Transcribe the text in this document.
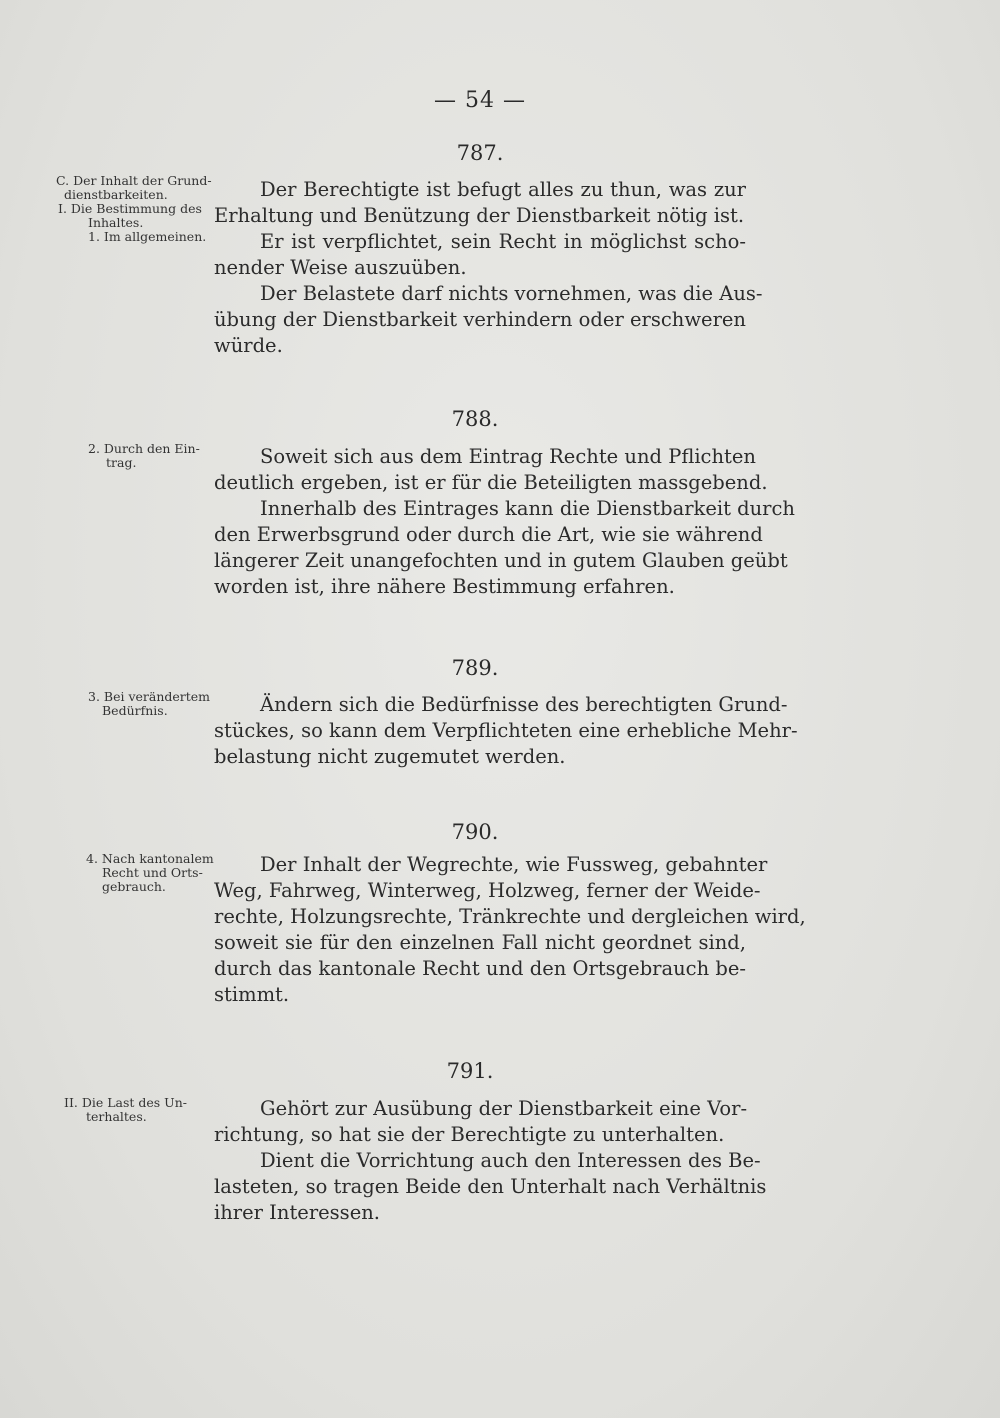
— 54 —
787.
C. Der Inhalt der Grund-
dienstbarkeiten.
I. Die Bestimmung des
Inhaltes.
1. Im allgemeinen.
Der Berechtigte ist befugt alles zu thun, was zur
Erhaltung und Benützung der Dienstbarkeit nötig ist.
Er ist verpflichtet, sein Recht in möglichst scho-
nender Weise auszuüben.
Der Belastete darf nichts vornehmen, was die Aus-
übung der Dienstbarkeit verhindern oder erschweren
würde.
788.
2. Durch den Ein-
trag.	Soweit sich aus dem Eintrag Rechte und Pflichten
deutlich ergeben, ist er für die Beteiligten massgebend.
Innerhalb des Eintrages kann die Dienstbarkeit durch
den Erwerbsgrund oder durch die Art, wie sie während
längerer Zeit unangefochten und in gutem Glauben geübt
worden ist, ihre nähere Bestimmung erfahren.
789.
3. Bei verändertem
Bedürfnis.	Ändern sich die Bedürfnisse des berechtigten Grund-
stückes, so kann dem Verpflichteten eine erhebliche Mehr-
belastung nicht zugemutet werden.
790.
4. Nach kantonalem
Recht und Orts-
gebrauch.
Der Inhalt der Wegrechte, wie Fussweg, gebahnter
Weg, Fahrweg, Winterweg, Holzweg, ferner der Weide-
rechte, Holzungsrechte, Tränkrechte und dergleichen wird,
soweit sie für den einzelnen Fall nicht geordnet sind,
durch das kantonale Recht und den Ortsgebrauch be-
stimmt.
791.
II. Die Last des Un-
terhaltes.	Gehört zur Ausübung der Dienstbarkeit eine Vor-
richtung, so hat sie der Berechtigte zu unterhalten.
Dient die Vorrichtung auch den Interessen des Be-
lasteten, so tragen Beide den Unterhalt nach Verhältnis
ihrer Interessen.
